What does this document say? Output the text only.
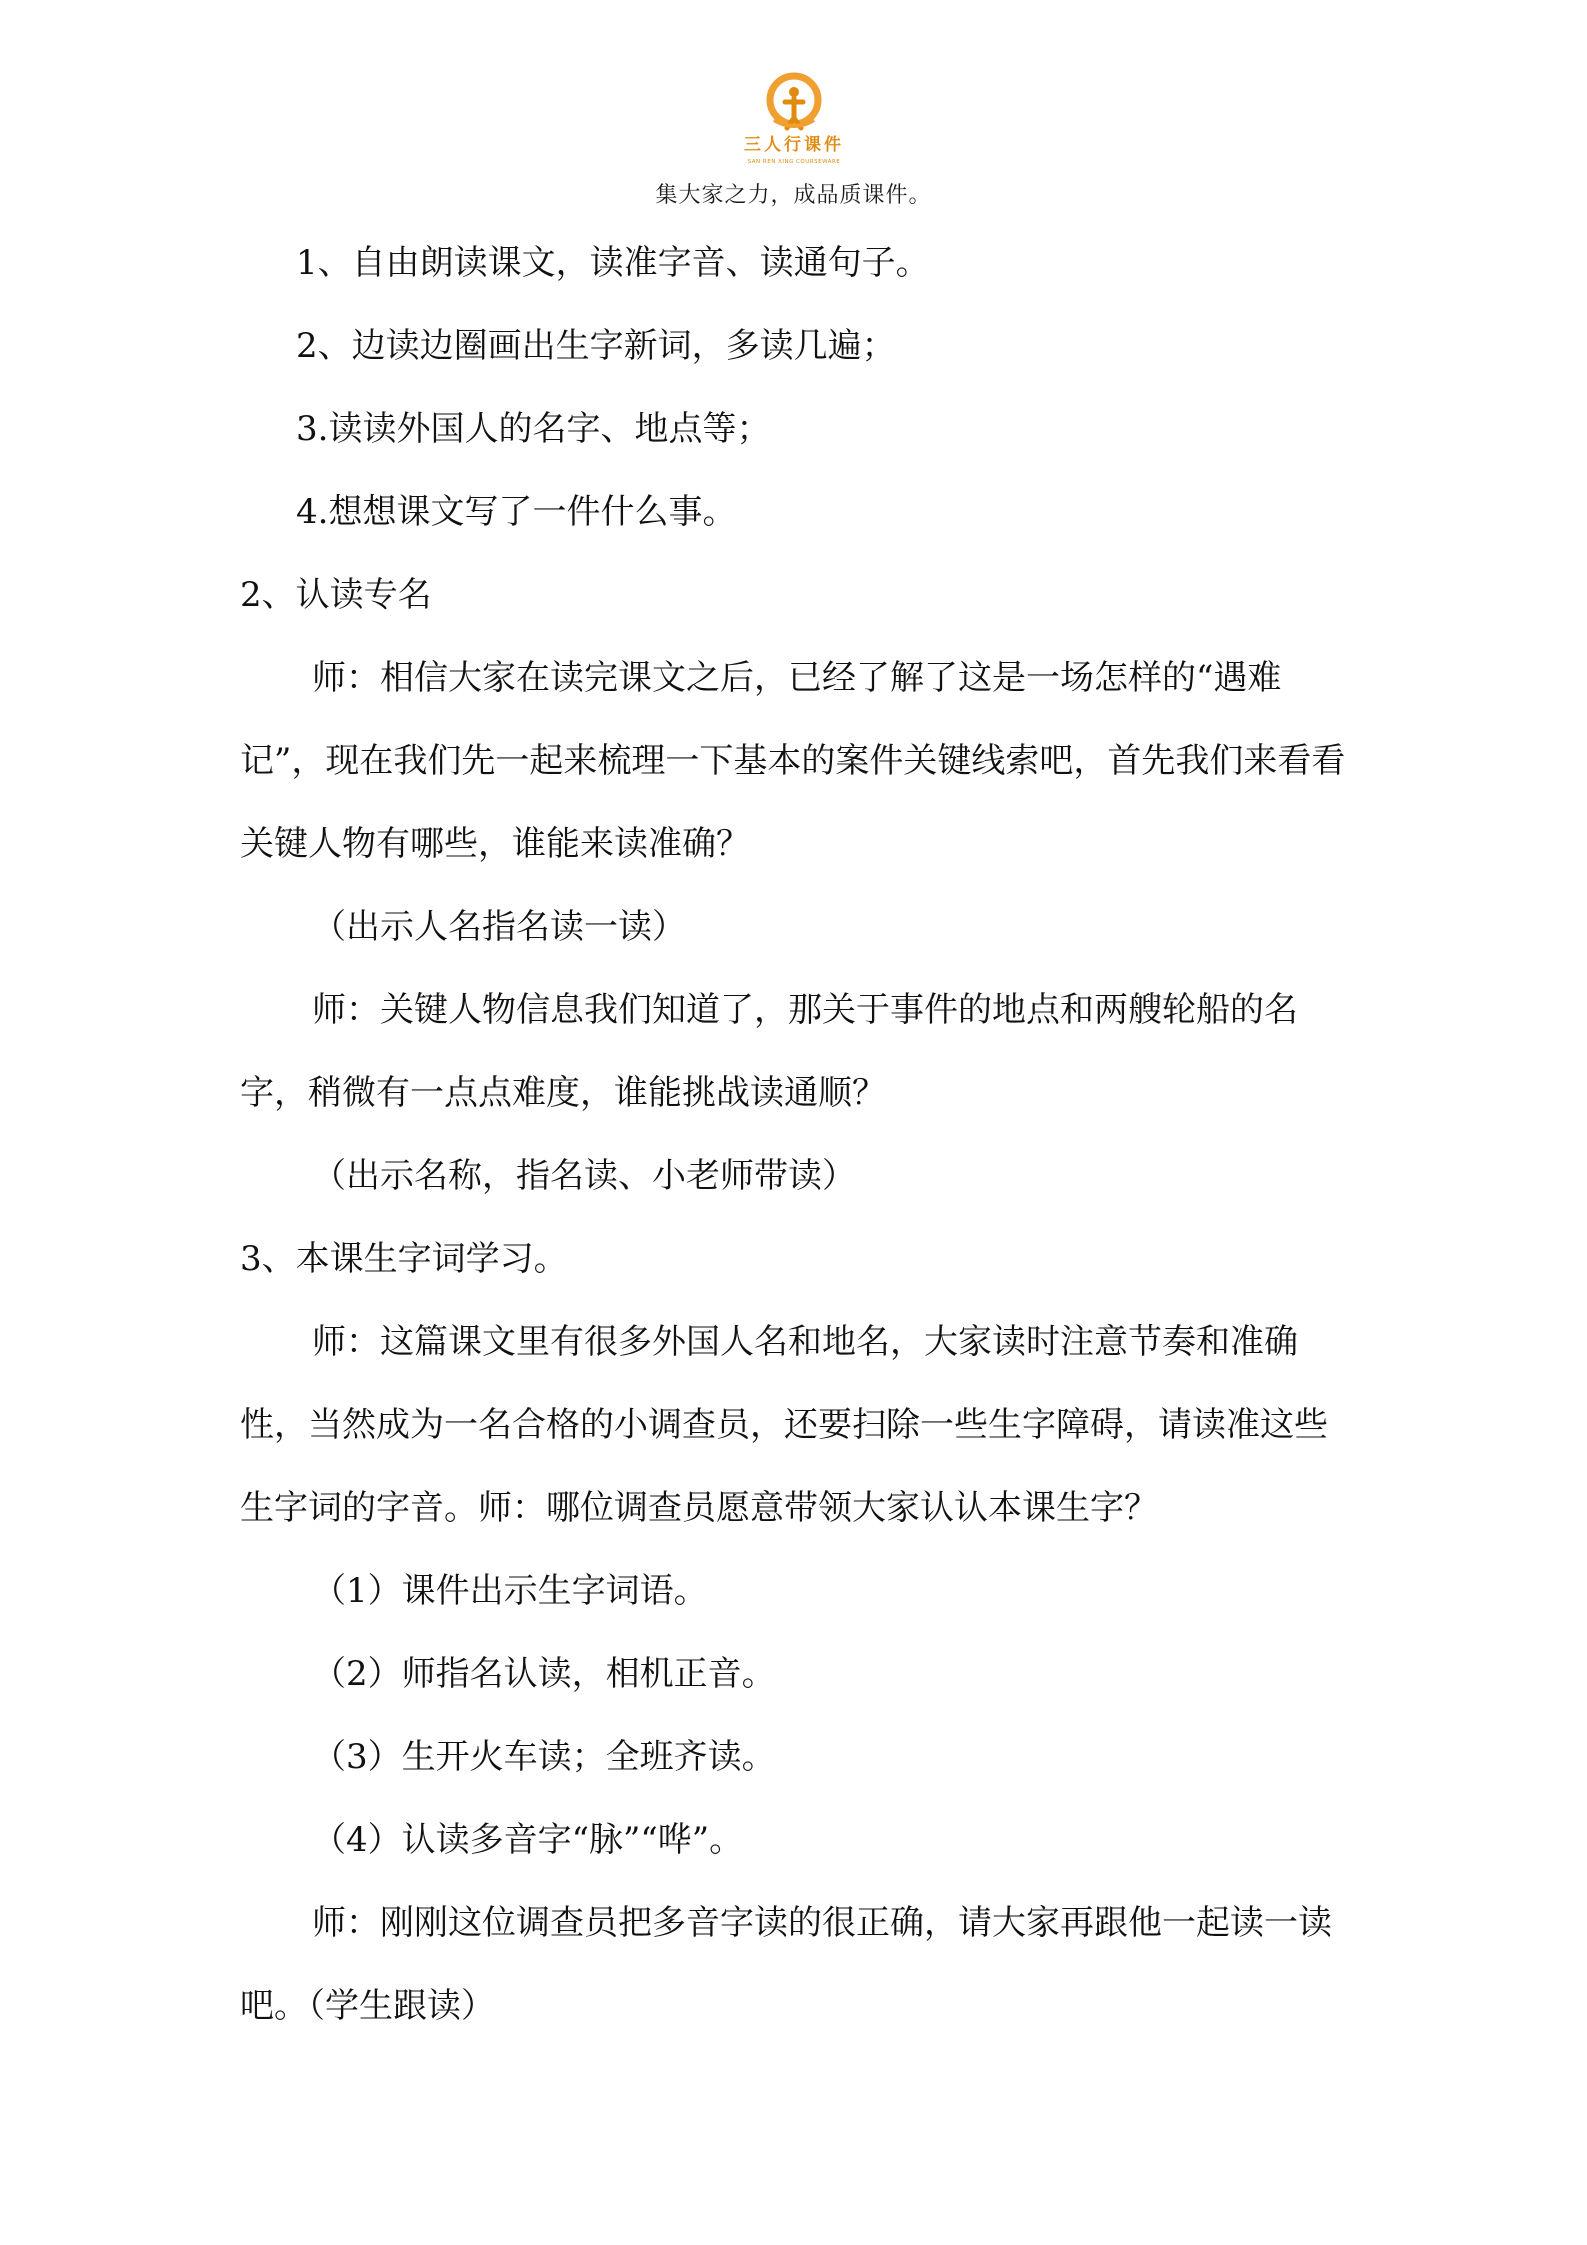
三人行课件
SAN REN XING COURSEWARE
集大家之力，成品质课件。

1、自由朗读课文，读准字音、读通句子。

2、边读边圈画出生字新词，多读几遍；

3.读读外国人的名字、地点等；

4.想想课文写了一件什么事。

2、认读专名

师：相信大家在读完课文之后，已经了解了这是一场怎样的“遇难记”，现在我们先一起来梳理一下基本的案件关键线索吧，首先我们来看看关键人物有哪些，谁能来读准确？

（出示人名指名读一读）

师：关键人物信息我们知道了，那关于事件的地点和两艘轮船的名字，稍微有一点点难度，谁能挑战读通顺？

（出示名称，指名读、小老师带读）

3、本课生字词学习。

师：这篇课文里有很多外国人名和地名，大家读时注意节奏和准确性，当然成为一名合格的小调查员，还要扫除一些生字障碍，请读准这些生字词的字音。师：哪位调查员愿意带领大家认认本课生字？

（1）课件出示生字词语。

（2）师指名认读，相机正音。

（3）生开火车读；全班齐读。

（4）认读多音字“脉”“哗”。

师：刚刚这位调查员把多音字读的很正确，请大家再跟他一起读一读吧。（学生跟读）
